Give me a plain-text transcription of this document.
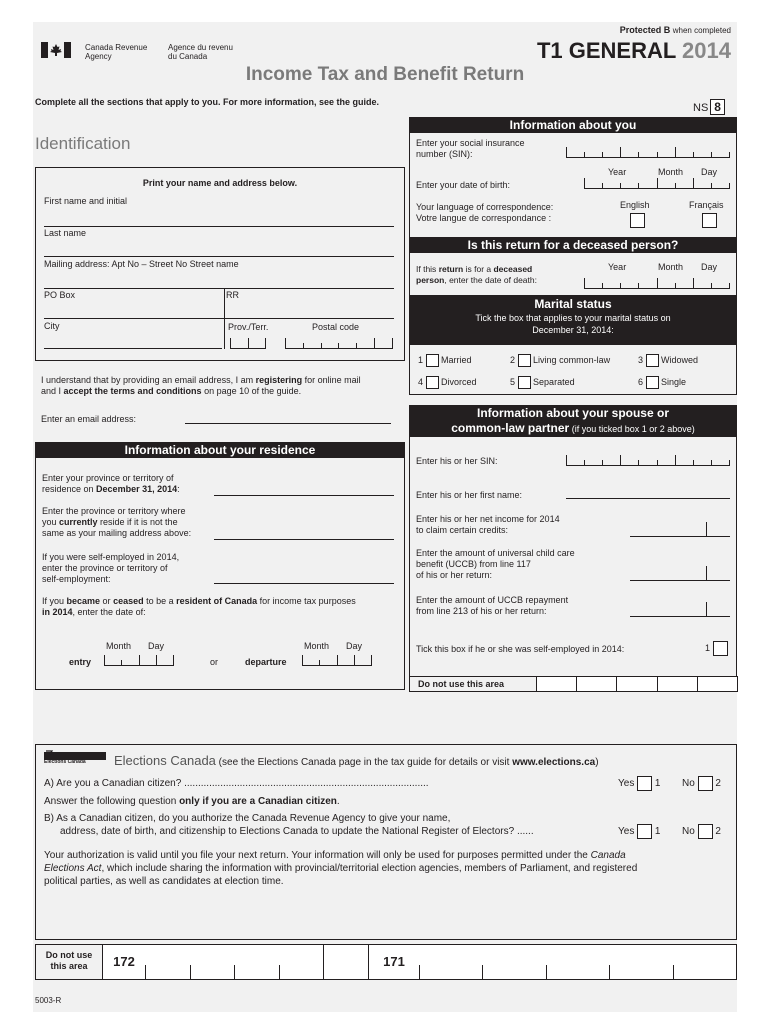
Protected B when completed
Canada Revenue
Agency
Agence du revenu
du Canada	T1 GENERAL 2014
Income Tax and Benefit Return
Complete all the sections that apply to you. For more information, see the guide.	NS 8
Identification
Print your name and address below.
First name and initial
Last name
Mailing address: Apt No – Street No Street name
PO Box	RR
City	Prov./Terr.	Postal code
I understand that by providing an email address, I am registering for online mail
and I accept the terms and conditions on page 10 of the guide.
Enter an email address:
Information about your residence
Enter your province or territory of
residence on December 31, 2014:
Enter the province or territory where
you currently reside if it is not the
same as your mailing address above:
If you were self-employed in 2014,
enter the province or territory of
self-employment:
If you became or ceased to be a resident of Canada for income tax purposes
in 2014, enter the date of:
Month Day
entry	or
Month Day
departure
Information about you
Enter your social insurance
number (SIN):
Year	Month Day
Enter your date of birth:
English	Français
Your language of correspondence:
Votre langue de correspondance :
Is this return for a deceased person?
If this return is for a deceased
person, enter the date of death:
Year	Month Day
Marital status
Tick the box that applies to your marital status on
December 31, 2014:
1 Married	2 Living common-law	3 Widowed
4 Divorced	5 Separated	6 Single
Information about your spouse or
common-law partner (if you ticked box 1 or 2 above)
Enter his or her SIN:
Enter his or her first name:
Enter his or her net income for 2014
to claim certain credits:
Enter the amount of universal child care
benefit (UCCB) from line 117
of his or her return:
Enter the amount of UCCB repayment
from line 213 of his or her return:
Tick this box if he or she was self-employed in 2014:	1
Do not use this area
Elections Canada Elections Canada (see the Elections Canada page in the tax guide for details or visit www.elections.ca)
A) Are you a Canadian citizen? ........................................................................................	Yes 1 No 2
Answer the following question only if you are a Canadian citizen.
B) As a Canadian citizen, do you authorize the Canada Revenue Agency to give your name,
address, date of birth, and citizenship to Elections Canada to update the National Register of Electors? ......	Yes 1 No 2
Your authorization is valid until you file your next return. Your information will only be used for purposes permitted under the Canada
Elections Act, which include sharing the information with provincial/territorial election agencies, members of Parliament, and registered
political parties, as well as candidates at election time.
Do not use
this area	172	171
5003-R
